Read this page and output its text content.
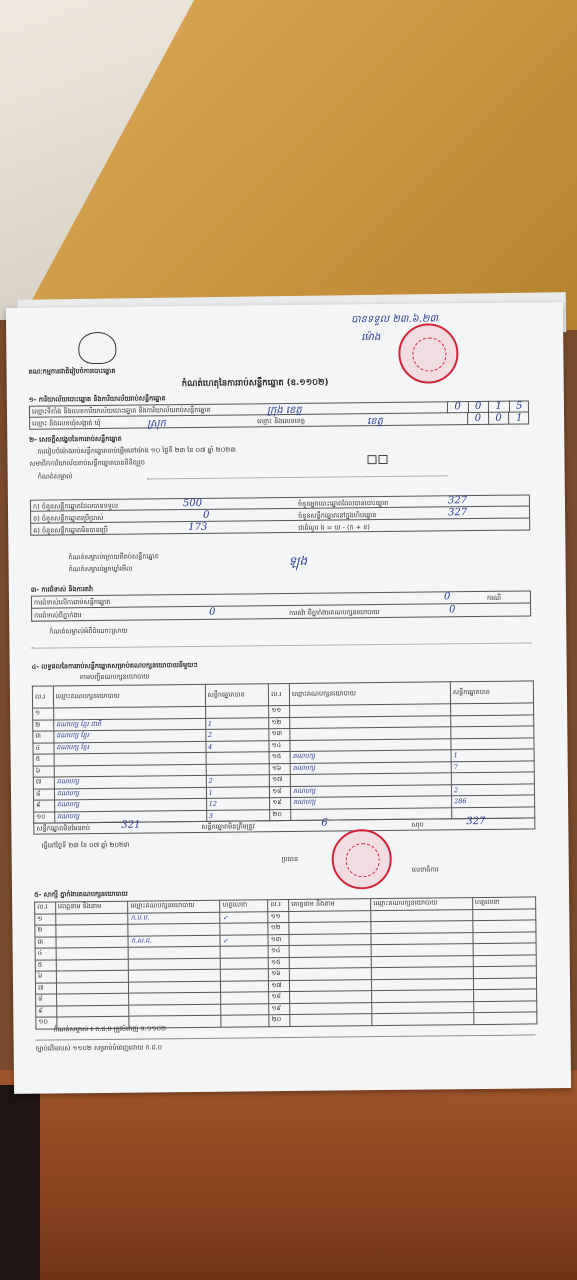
បានទទួល ២៣.៦.២៣
ម៉ោង
គណៈកម្មការជាតិរៀបចំការបោះឆ្នោត
កំណត់ហេតុនៃការរាប់សន្លឹកឆ្នោត (ឧ.១១០២)
១- ការិយាល័យបោះឆ្នោត និងការិយាល័យរាប់សន្លឹកឆ្នោត
ឈ្មោះទីតាំង និងលេខការិយាល័យបោះឆ្នោត និងការិយាល័យរាប់សន្លឹកឆ្នោត	ក្រុង ខេត្ត
ឈ្មោះ និងលេខឃុំសង្កាត់ ឃុំ	ស្រុក	ឈ្មោះ និងលេខខេត្ត	ខេត្ត
0	0	1	5
0	0	1
២- សេចក្តីសង្ខេបនៃការរាប់សន្លឹកឆ្នោត
ការរៀបចំម៉ោងរាប់សន្លឹកឆ្នោតចាប់ផ្តើមនៅម៉ោង ១០ ថ្ងៃទី ២៣ ខែ ០៧ ឆ្នាំ ២០២៣
សមាជិកការិយាល័យរាប់សន្លឹកឆ្នោតបានពិនិត្យរួច

កំណត់សម្គាល់
ក) ចំនួនសន្លឹកឆ្នោតដែលបានទទួល	500	ចំនួនអ្នកបោះឆ្នោតដែលបានបោះឆ្នោត	327
ខ) ចំនួនសន្លឹកឆ្នោតប្រើប្រាស់	0	ចំនួនសន្លឹកឆ្នោតនៅក្នុងហិបឆ្នោត	327
គ) ចំនួនសន្លឹកឆ្នោតមិនបានប្រើ	173	ជាដំណួរ ង = ឃ - (ក + ខ)
កំណត់សម្គាល់ក្រោយពីរាប់សន្លឹកឆ្នោត
កំណត់សម្គាល់អ្នកឃ្លាំមើល
ឡុង
៣- ការជំទាស់ និងការតវ៉ា
ការជំទាស់លើការរាប់សន្លឹកឆ្នោត	0	ករណី
ការជំទាស់ពីភ្នាក់ងារ	0	ការតវ៉ា ពីភ្នាក់ងារគណបក្សនយោបាយ	0
កំណត់សម្គាល់អំពីដំណោះស្រាយ
៤- លទ្ធផលនៃការរាប់សន្លឹកឆ្នោតសម្រាប់គណបក្សនយោបាយនីមួយៗ
តាមបញ្ជីគណបក្សនយោបាយ
ល.រ	ឈ្មោះគណបក្សនយោបាយ	សន្លឹកឆ្នោតបាន	ល.រ	ឈ្មោះគណបក្សនយោបាយ	សន្លឹកឆ្នោតបាន
១			១១		
២	គណបក្ស ខ្មែរ ជាតិ	1	១២		
៣	គណបក្ស ខ្មែរ	2	១៣		
៤	គណបក្ស ខ្មែរ	4	១៤		
៥			១៥	គណបក្ស	1
៦			១៦	គណបក្ស	7
៧	គណបក្ស	2	១៧		
៨	គណបក្ស	1	១៨	គណបក្ស	2
៩	គណបក្ស	12	១៩	គណបក្ស	286
១០	គណបក្ស	3	២០		
សន្លឹកឆ្នោតមិនមែនរាប់	321	សន្លឹកឆ្នោតមិនត្រឹមត្រូវ	6	សរុប	327
ធ្វើនៅថ្ងៃទី ២៣ ខែ ០៧ ឆ្នាំ ២០២៣
ប្រធាន
លេខាធិការ
៥- សាក្សី ភ្នាក់ងារគណបក្សនយោបាយ
ល.រ	គោត្តនាម និងនាម	ឈ្មោះគណបក្សនយោបាយ	ហត្ថលេខា	ល.រ	គោត្តនាម និងនាម	ឈ្មោះគណបក្សនយោបាយ	ហត្ថលេខា
១		ក.ប.ប.	✓	១១			
២				១២			
៣		ក.ស.ជ.	✓	១៣			
៤				១៤			
៥				១៥			
៦				១៦			
៧				១៧			
៨				១៨			
៩				១៩			
១០				២០			
កំណត់សម្គាល់ ៖ ក.ជ.ប ត្រូវបំពេញ ទ.១១០២
ច្បាប់ដើមរបស់ ១១០២ សម្រាប់បំពេញដោយ ក.ជ.ប
